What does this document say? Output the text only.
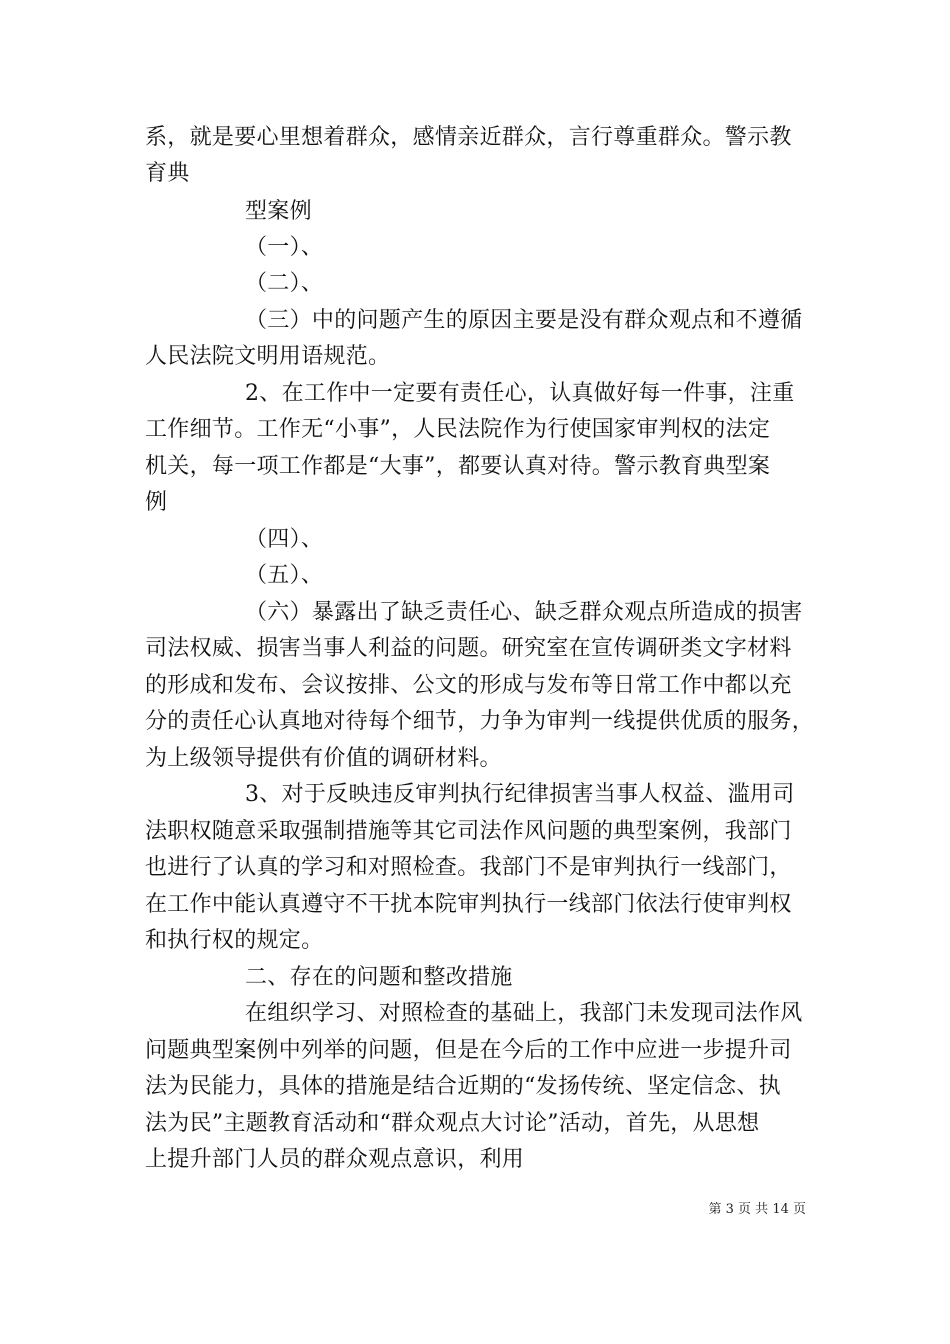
系，就是要心里想着群众，感情亲近群众，言行尊重群众。警示教
育典
型案例
（一）、
（二）、
（三）中的问题产生的原因主要是没有群众观点和不遵循
人民法院文明用语规范。
2、在工作中一定要有责任心，认真做好每一件事，注重
工作细节。工作无“小事”，人民法院作为行使国家审判权的法定
机关，每一项工作都是“大事”，都要认真对待。警示教育典型案
例
（四）、
（五）、
（六）暴露出了缺乏责任心、缺乏群众观点所造成的损害
司法权威、损害当事人利益的问题。研究室在宣传调研类文字材料
的形成和发布、会议按排、公文的形成与发布等日常工作中都以充
分的责任心认真地对待每个细节，力争为审判一线提供优质的服务，
为上级领导提供有价值的调研材料。
3、对于反映违反审判执行纪律损害当事人权益、滥用司
法职权随意采取强制措施等其它司法作风问题的典型案例，我部门
也进行了认真的学习和对照检查。我部门不是审判执行一线部门，
在工作中能认真遵守不干扰本院审判执行一线部门依法行使审判权
和执行权的规定。
二、存在的问题和整改措施
在组织学习、对照检查的基础上，我部门未发现司法作风
问题典型案例中列举的问题，但是在今后的工作中应进一步提升司
法为民能力，具体的措施是结合近期的“发扬传统、坚定信念、执
法为民”主题教育活动和“群众观点大讨论”活动，首先，从思想
上提升部门人员的群众观点意识，利用
第 3 页 共 14 页
